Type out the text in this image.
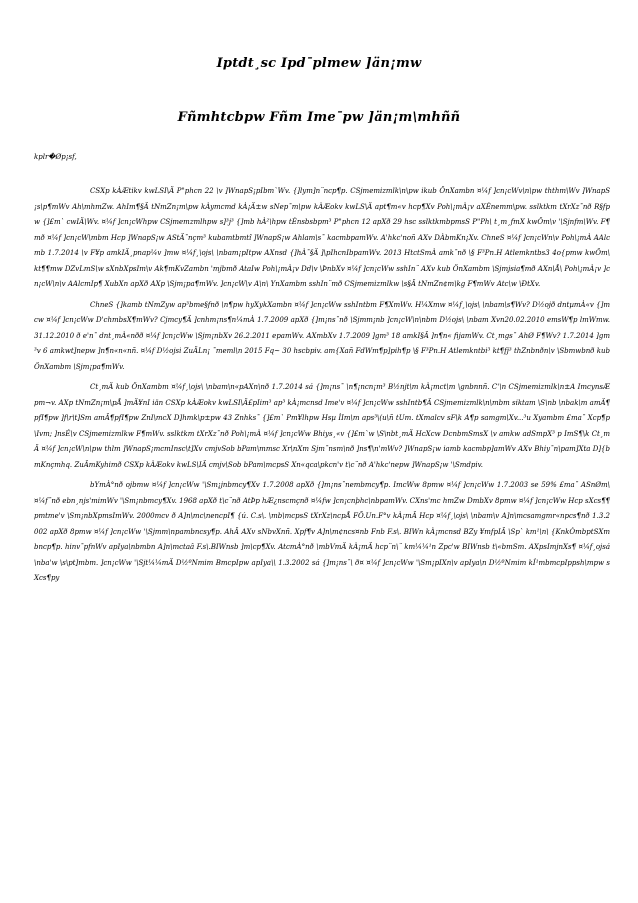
Iptdt¸sc Ipd¯plmew ]än¡mw
Fñmhtcbpw Fñm Ime¯pw ]än¡m\mhññ
kplr�Øp¡sf,

CSXp kÀÆtikv kwLSI\Ä P"phcn 22 \v ]WnapS¡pIbm`Wv. {]lym]n¨ncp¶p. CSjmemizmlk\n\pw ikub ÖnXambn ¤¼f ]cn¡cWv\n\pw ththm\Wv ]WnapS¡s\p¶mWv Ah\mhmZw. AhIm¶§Ä tNmZn¡m\pw kÀymcmd kÀ¡Ä±w sNep¯m\pw kÀÆokv kwLS\Ä apt¶m«v hcp¶Xv Poh\¡mÀ¡v aXÈnemm\pw. sslktkm tXrXz¯nð R§fpw {]£m` cwIÄ\Wv. ¤¼f ]cn¡cWhpw CSjmemzmlhpw s]³j³ {]mb hÀ²\hpw tÈnsbsbpm³ P"phcn 12 apXð 29 hsc sslktkmbpmsS P"Ph\ t¸m¸fmX kwÖm\v '\Sjnfm\Wv. F¶mð ¤¼f ]cn¡cW\mbm Hcp ]WnapS¡w AStÄ¯nçm³ kubamtbmtî ]WnapS¡w Ahlam\s¯ kacmbpamWv. A'hkc'noñ AXv DÀbmKn¡Xv. ChneS ¤¼f ]cn¡cWn\v Poh\¡mÀ AAlcmb 1.7.2014 \v F¥p amkIÄ¸pnap¼v ]mw ¤¼f¸\ojs\ \nbam¡pItpw AXnsd {]hÀ¯§Ä ]\pIhcnIbpamWv. 2013 HtctSmÀ amk¯nð \§ F³Pn.H Atlemkntbs3 4o{pmw kwÖm\ kt¶¶mw DZvLmS\w sXnbXpsIm\v Ak¶mKvZambn 'mjbmð AtaIw Poh\¡mÀ¡v Dd\v \ÞnbXv ¤¼f ]cn¡cWw sshIn¨ AXv kub ÖnXambm \Sjmjsia¶mð AXn\Å\ Poh\¡mÀ¡v ]cn¡cW\n\v AAlcmIp¶ XubXn apXð AXp \Sjm¡pa¶mWv. ]cn¡cW\v A\n\ YnXambm sshIn¨mð CSjmemizmlkw \s§Ä tNmZn¢m\kg F¶mWv Atc\w \ÐtXv.

ChneS {]kamb tNmZyw ap³bme§fnð \n¶pw hyXykXambn ¤¼f ]cn¡cWw sshIntbm F¶XmWv. H¼Xmw ¤¼f¸\ojs\ \nbam\s¶Wv? D½ojð dntµmÀ«v {]mcw ¤¼f ]cn¡cWw D'chmbsX¶mWv? Cjmcy¶Ä ]cnhm¡ns¶n¼mÀ 1.7.2009 apXð {]m¡ns¯nð \Sjmm¡nb ]cn¡cW\n\nbm D½ojs\ \nbam Xvn20.02.2010 emsW¶p lmWmw. 31.12.2010 ð e'n¯ dnt¸mÀ«nðð ¤¼f ]cn¡cWw \Sjm¡nbXv 26.2.2011 epamWv. AXmbXv 1.7.2009 ]gm³ 18 amkI§Ä ]n¶n« fijamWv. Ct¸mgs¯ AhØ F¶Wv? 1.7.2014 ]gm³v 6 amkwt]nepw ]n¶n«n«nñ. ¤¼f D½ojsi ZuÄLn¡ ¯meml\n 2015 Fq~ 30 hscbpiv. am{Xañ FdWm¶p]pih¶p \§ F³Pn.H Atlemkntbi³ kt¶fj³ thZnbnðn\v \Sbmwbnð kub ÖnXambm \Sjm¡pa¶mWv.

Ct¸mÄ kub ÖnXambm ¤¼f¸\ojs\ \nbam\n«pAXn\nð 1.7.2014 sá {]m¡ns¯ \n¶¡ncn¡m³ B½njt\m kÀ¡mct\m \gnbnnñ. C'\n CSjmemizmlk\n±A ImcynsÆpm¬v. AXp tNmZn¡m\pÅ ]mÄ¥nI iän CSXp kÀÆokv kwLSI\Ä£pIim³ ap³ kÀ¡mcnsd Ime'v ¤¼f ]cn¡cWw sshIntb¶Ä CSjmemizmlk\n\mbm siktam \S\nb \nbak\m amÄ¶pfI¶pw ]f\r\t]Sm amÄ¶pfI¶pw ZnI\mcX D]hmk\p±pw 43 Znhks¯ {]£m` Pm¥lhpw Hsµ ÌIm\m aps³\(u\ñ tUm. tXmalcv sF\k A¶p samgm\Xv...³u Xyambm £ma¯ Xcp¶p\Ivm; ]nsÉ\v CSjmemizmlkw F¶mWv. sslktkm tXrXz¯nð Poh\¡mÀ ¤¼f ]cn¡cWw Bhiys¸«v {]£m`w \S\nbt¸mÄ HcXcw DcnbmSmsX \v amkw adSmpX³ p ImS¶\k Ct¸mÄ ¤¼f ]cn¡cW\n\pw thlm ]WnapS¡mcmInsc\t]Xv cmjvSob bPam\mmsc Xr\nXm Sjm¯nsm\nð ]ns¶\n'mWv? ]WnapS¡w iamb kacmbp]amWv AXv Bhiy¯n\pam]Xta D]{bmKnçmhq. ZuÄmKyhimð CSXp kÀÆokv kwLS\IÄ cmjv\Sob bPam\mcpsS Xn«qca\pkcn'v t\c¨nð A'hkc'nepw ]WnapS¡w '\Smdpiv.

bYmÀ°nð ojbmw ¤¼f ]cn¡cWw '\Sm¡jnbmcy¶Xv 1.7.2008 apXð {]m¡ns¯nembmcy¶p. ImcWw 8pmw ¤¼f ]cn¡cWw 1.7.2003 se 59% £ma¯ ASnØm\ ¤¼f¯nð ebn¸njs'mimWv '\Sm¡nbmcy¶Xv. 1968 apXð t\c¨nð AtÞp hÆ¿nscmçnð ¤¼fw ]cn¡cnþhc\nbpamWv. CXns'mc hmZw DmbXv 8pmw ¤¼f ]cn¡cWw Hcp sXcs¶¶pmtme'v \Sm¡nbXpmsImWv. 2000mcv ð A]n\mc\nencpI¶ {ú. C.s\. \mb\mcpsS tXrXz\ncpÅ FÕ.Un.F°v kÀ¡mÄ Hcp ¤¼f¸\ojs\ \nbam\v A]n\mcsamgmr«npcs¶nð 1.3.2002 apXð 8pmw ¤¼f ]cn¡cWw '\Sjmm\npambncsy¶p. AhÄ AXv sNbvXnñ. Xpf¶v A]n\m¢ncs¤nb Fnb F.s\. BIWn kÀ¡mcnsd BZy ¥mfpIÄ \Sp` km¹\n\ {KnkÒmbptSXmbncp¶p. hinv¯pfnWv apIya\nbmbn A]n\mctaâ F.s\.BIWnsb ]m\cp¶Xv. AtcmÀ°nð \mbVmÄ kÀ¡mÄ hcp¨n\¨ km¼¼¹n Zpc'w BIWnsb t\«bmSm. AXpsImjnXs¶ ¤¼f¸ojsá \nba'w \s\pt]mbm. ]cn¡cWw '\Sjt¼¼mÄ D½ºNmim BmcpIpw apIya\\ 1.3.2002 sá {]m¡ns¯\ ð¤ ¤¼f ]cn¡cWw '\Sm¡pIXn\v apIya\n D½ºNmim kÍ¹mbmcpIppsh\mpw sXcs¶py
